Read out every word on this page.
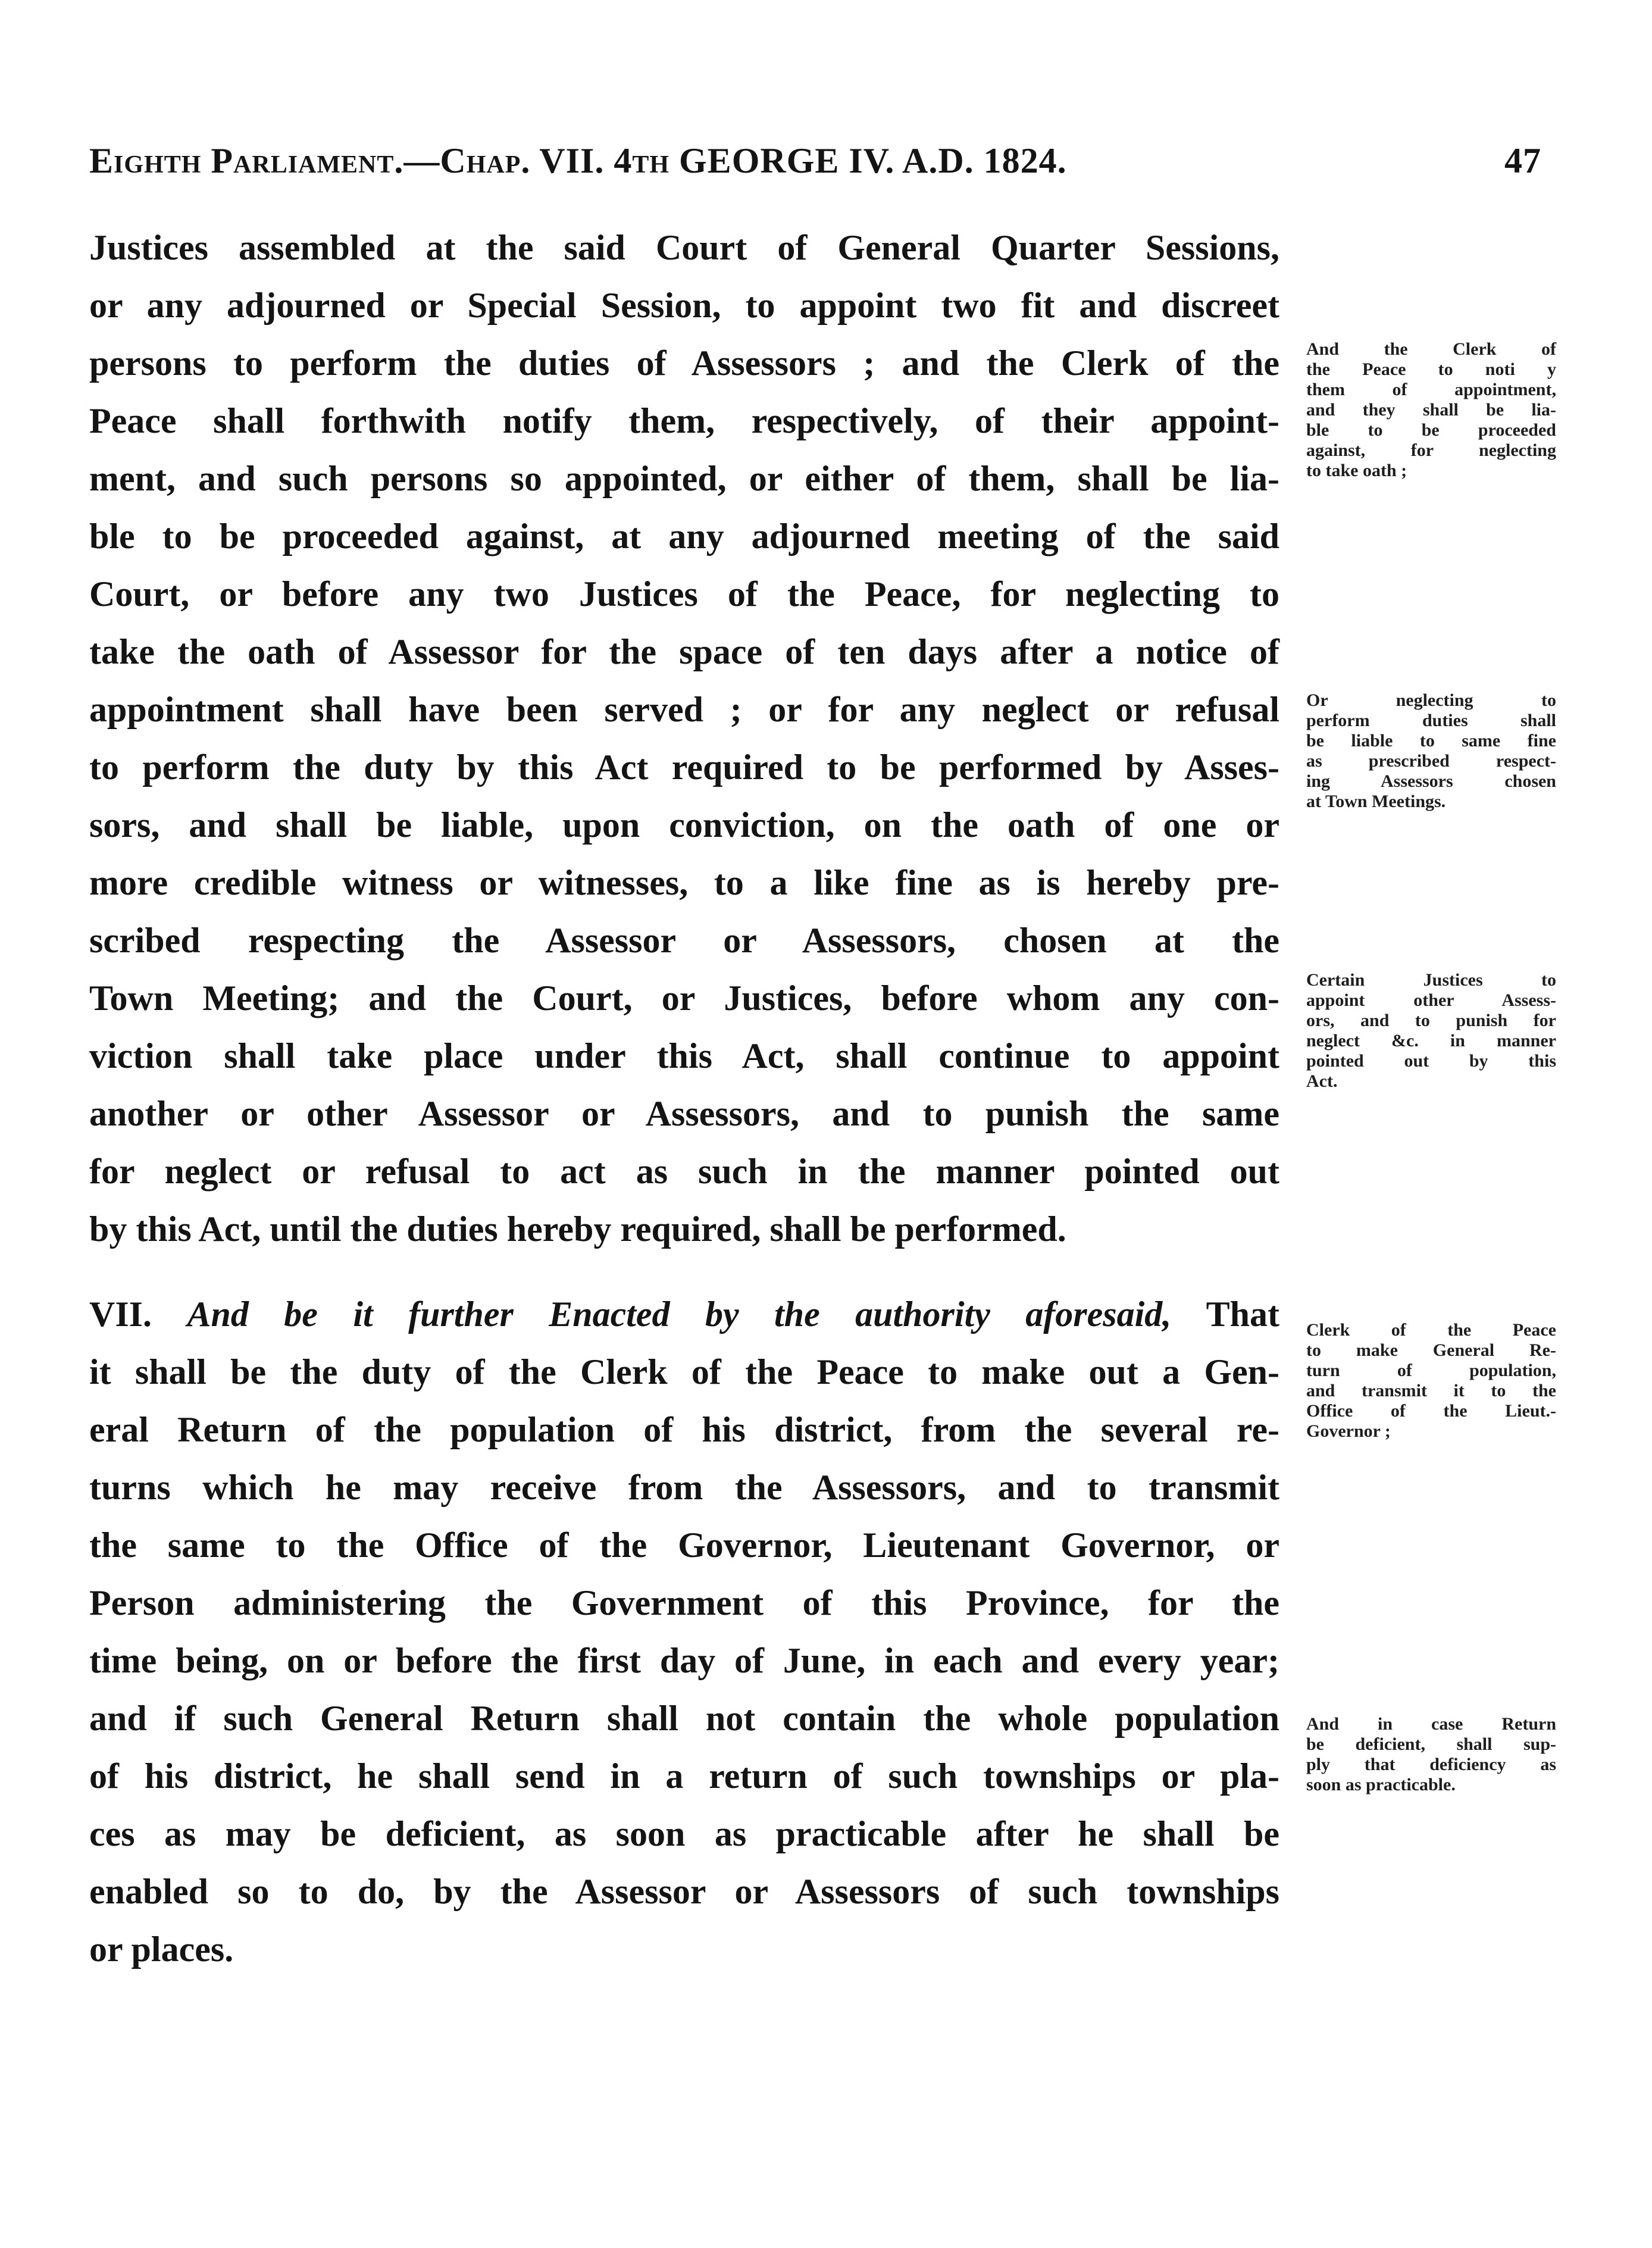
Eighth Parliament.—Chap. VII. 4th GEORGE IV. A.D. 1824.	47
Justices assembled at the said Court of General Quarter Sessions,
or any adjourned or Special Session, to appoint two fit and discreet
persons to perform the duties of Assessors ; and the Clerk of the
Peace shall forthwith notify them, respectively, of their appoint-
ment, and such persons so appointed, or either of them, shall be lia-
ble to be proceeded against, at any adjourned meeting of the said
Court, or before any two Justices of the Peace, for neglecting to
take the oath of Assessor for the space of ten days after a notice of
appointment shall have been served ; or for any neglect or refusal
to perform the duty by this Act required to be performed by Asses-
sors, and shall be liable, upon conviction, on the oath of one or
more credible witness or witnesses, to a like fine as is hereby pre-
scribed respecting the Assessor or Assessors, chosen at the
Town Meeting; and the Court, or Justices, before whom any con-
viction shall take place under this Act, shall continue to appoint
another or other Assessor or Assessors, and to punish the same
for neglect or refusal to act as such in the manner pointed out
by this Act, until the duties hereby required, shall be performed.
VII. And be it further Enacted by the authority aforesaid, That
it shall be the duty of the Clerk of the Peace to make out a Gen-
eral Return of the population of his district, from the several re-
turns which he may receive from the Assessors, and to transmit
the same to the Office of the Governor, Lieutenant Governor, or
Person administering the Government of this Province, for the
time being, on or before the first day of June, in each and every year;
and if such General Return shall not contain the whole population
of his district, he shall send in a return of such townships or pla-
ces as may be deficient, as soon as practicable after he shall be
enabled so to do, by the Assessor or Assessors of such townships
or places.
And the Clerk of
the Peace to noti y
them of appointment,
and they shall be lia-
ble to be proceeded
against, for neglecting
to take oath ;
Or neglecting to
perform duties shall
be liable to same fine
as prescribed respect-
ing Assessors chosen
at Town Meetings.
Certain Justices to
appoint other Assess-
ors, and to punish for
neglect &c. in manner
pointed out by this
Act.
Clerk of the Peace
to make General Re-
turn of population,
and transmit it to the
Office of the Lieut.-
Governor ;
And in case Return
be deficient, shall sup-
ply that deficiency as
soon as practicable.
